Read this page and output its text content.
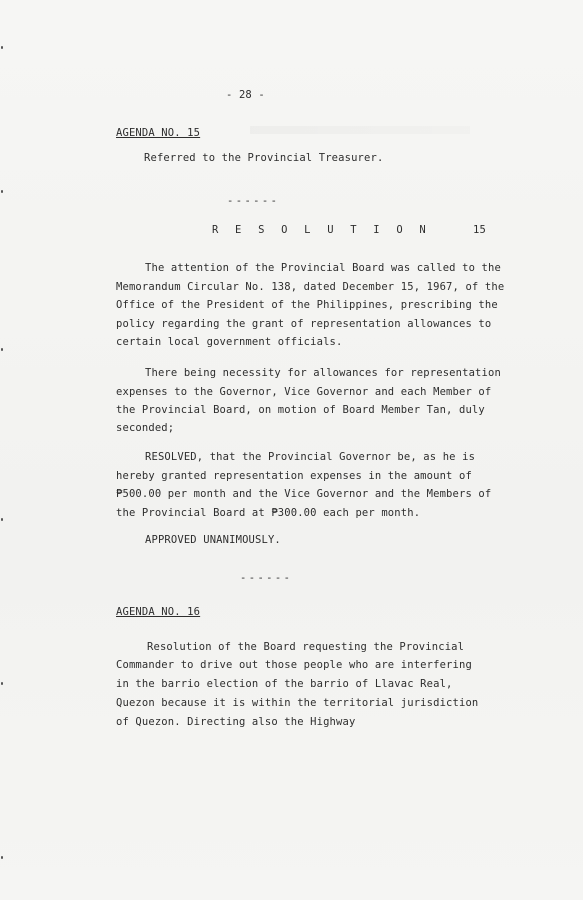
- 28 -
AGENDA NO. 15
Referred to the Provincial Treasurer.
------
R E S O L U T I O N	15
The attention of the Provincial Board was called to the
Memorandum Circular No. 138, dated December 15, 1967, of the
Office of the President of the Philippines, prescribing the
policy regarding the grant of representation allowances to
certain local government officials.
There being necessity for allowances for representation
expenses to the Governor, Vice Governor and each Member of
the Provincial Board, on motion of Board Member Tan, duly
seconded;
RESOLVED, that the Provincial Governor be, as he is
hereby granted representation expenses in the amount of
₱500.00 per month and the Vice Governor and the Members of
the Provincial Board at ₱300.00 each per month.
APPROVED UNANIMOUSLY.
------
AGENDA NO. 16
Resolution of the Board requesting the Provincial
Commander to drive out those people who are interfering
in the barrio election of the barrio of Llavac Real,
Quezon because it is within the territorial jurisdiction
of Quezon. Directing also the Highway
